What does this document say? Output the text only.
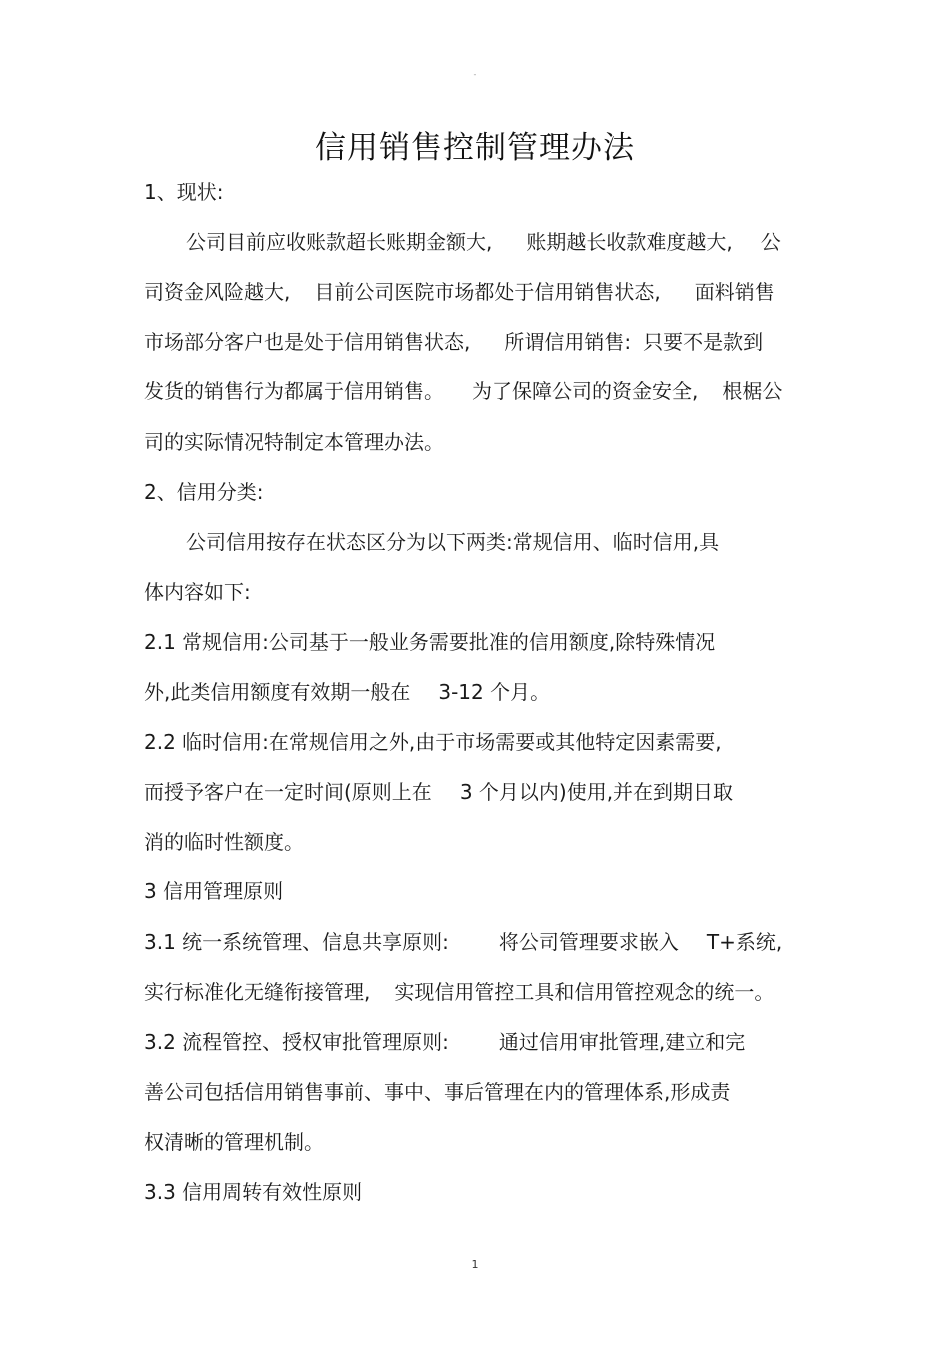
-
信用销售控制管理办法
1、现状:
公司目前应收账款超长账期金额大, 账期越长收款难度越大, 公
司资金风险越大, 目前公司医院市场都处于信用销售状态, 面料销售
市场部分客户也是处于信用销售状态, 所谓信用销售: 只要不是款到
发货的销售行为都属于信用销售。 为了保障公司的资金安全, 根椐公
司的实际情况特制定本管理办法。
2、信用分类:
公司信用按存在状态区分为以下两类:常规信用、临时信用,具
体内容如下:
2.1 常规信用:公司基于一般业务需要批准的信用额度,除特殊情况
外,此类信用额度有效期一般在 3-12 个月。
2.2 临时信用:在常规信用之外,由于市场需要或其他特定因素需要,
而授予客户在一定时间(原则上在 3 个月以内)使用,并在到期日取
消的临时性额度。
3 信用管理原则
3.1 统一系统管理、信息共享原则:	将公司管理要求嵌入 T+系统,
实行标准化无缝衔接管理, 实现信用管控工具和信用管控观念的统一。
3.2 流程管控、授权审批管理原则:	通过信用审批管理,建立和完
善公司包括信用销售事前、事中、事后管理在内的管理体系,形成责
权清晰的管理机制。
3.3 信用周转有效性原则
1
